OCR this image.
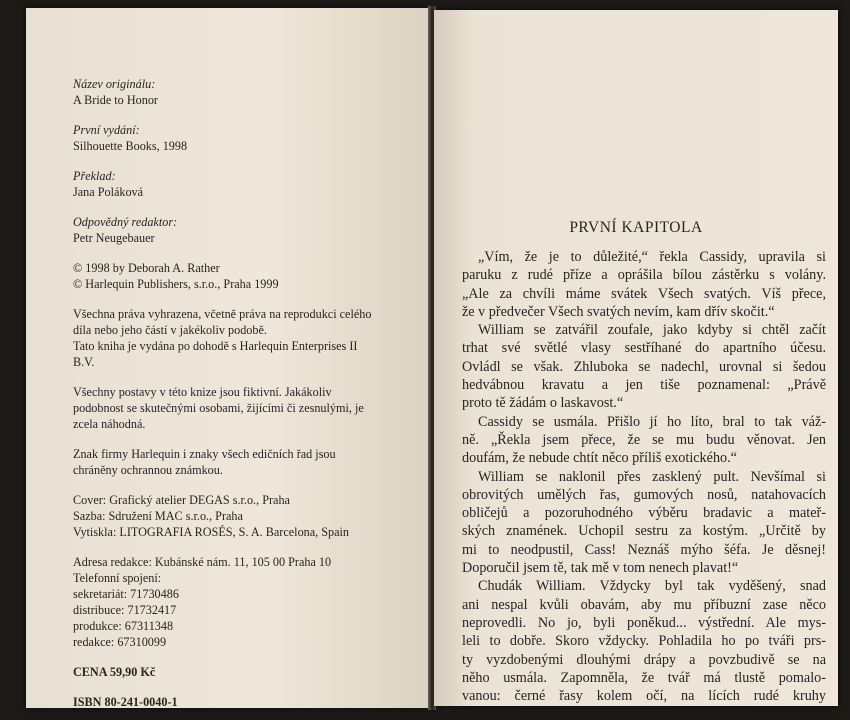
Název originálu:
A Bride to Honor
První vydání:
Silhouette Books, 1998
Překlad:
Jana Poláková
Odpovědný redaktor:
Petr Neugebauer
© 1998 by Deborah A. Rather
© Harlequin Publishers, s.r.o., Praha 1999
Všechna práva vyhrazena, včetně práva na reprodukci celého
díla nebo jeho částí v jakékoliv podobě.
Tato kniha je vydána po dohodě s Harlequin Enterprises II
B.V.
Všechny postavy v této knize jsou fiktivní. Jakákoliv
podobnost se skutečnými osobami, žijícími či zesnulými, je
zcela náhodná.
Znak firmy Harlequin i znaky všech edičních řad jsou
chráněny ochrannou známkou.
Cover: Grafický atelier DEGAS s.r.o., Praha
Sazba: Sdružení MAC s.r.o., Praha
Vytiskla: LITOGRAFIA ROSÉS, S. A. Barcelona, Spain
Adresa redakce: Kubánské nám. 11, 105 00 Praha 10
Telefonní spojení:
sekretariát: 71730486
distribuce: 71732417
produkce: 67311348
redakce: 67310099
CENA 59,90 Kč
ISBN 80-241-0040-1
PRVNÍ KAPITOLA
„Vím, že je to důležité,“ řekla Cassidy, upravila si
paruku z rudé příze a oprášila bílou zástěrku s volány.
„Ale za chvíli máme svátek Všech svatých. Víš přece,
že v předvečer Všech svatých nevím, kam dřív skočit.“
William se zatvářil zoufale, jako kdyby si chtěl začít
trhat své světlé vlasy sestříhané do apartního účesu.
Ovládl se však. Zhluboka se nadechl, urovnal si šedou
hedvábnou kravatu a jen tiše poznamenal: „Právě
proto tě žádám o laskavost.“
Cassidy se usmála. Přišlo jí ho líto, bral to tak váž-
ně. „Řekla jsem přece, že se mu budu věnovat. Jen
doufám, že nebude chtít něco příliš exotického.“
William se naklonil přes zasklený pult. Nevšímal si
obrovitých umělých řas, gumových nosů, natahovacích
obličejů a pozoruhodného výběru bradavic a mateř-
ských znamének. Uchopil sestru za kostým. „Určitě by
mi to neodpustil, Cass! Neznáš mýho šéfa. Je děsnej!
Doporučil jsem tě, tak mě v tom nenech plavat!“
Chudák William. Vždycky byl tak vyděšený, snad
ani nespal kvůli obavám, aby mu příbuzní zase něco
neprovedli. No jo, byli poněkud... výstřední. Ale mys-
leli to dobře. Skoro vždycky. Pohladila ho po tváři prs-
ty vyzdobenými dlouhými drápy a povzbudivě se na
něho usmála. Zapomněla, že tvář má tlustě pomalo-
vanou: černé řasy kolem očí, na lících rudé kruhy
